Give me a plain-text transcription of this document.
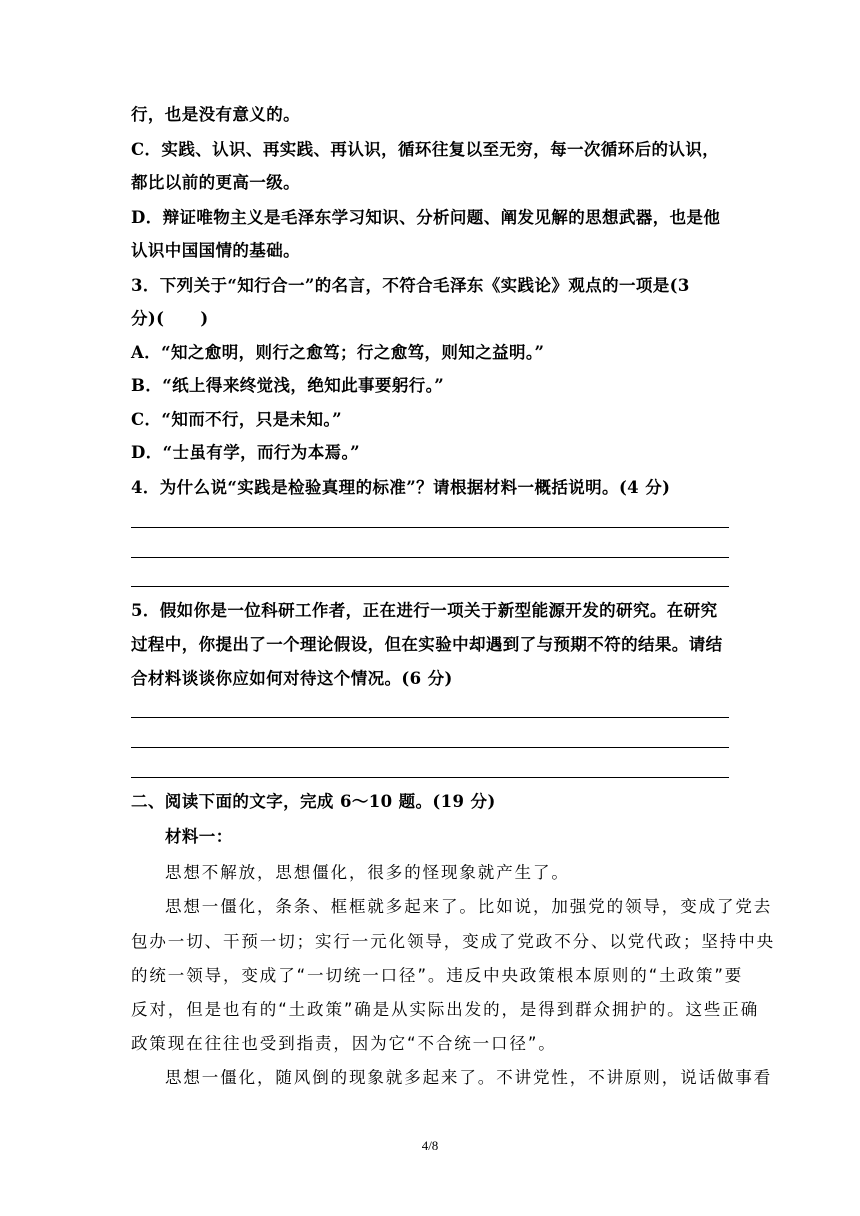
行，也是没有意义的。
C．实践、认识、再实践、再认识，循环往复以至无穷，每一次循环后的认识，
都比以前的更高一级。
D．辩证唯物主义是毛泽东学习知识、分析问题、阐发见解的思想武器，也是他
认识中国国情的基础。
3．下列关于“知行合一”的名言，不符合毛泽东《实践论》观点的一项是(3
分)( )
A．“知之愈明，则行之愈笃；行之愈笃，则知之益明。”
B．“纸上得来终觉浅，绝知此事要躬行。”
C．“知而不行，只是未知。”
D．“士虽有学，而行为本焉。”
4．为什么说“实践是检验真理的标准”？请根据材料一概括说明。(4 分)
5．假如你是一位科研工作者，正在进行一项关于新型能源开发的研究。在研究
过程中，你提出了一个理论假设，但在实验中却遇到了与预期不符的结果。请结
合材料谈谈你应如何对待这个情况。(6 分)
二、阅读下面的文字，完成 6～10 题。(19 分)
材料一：
思想不解放，思想僵化，很多的怪现象就产生了。
思想一僵化，条条、框框就多起来了。比如说，加强党的领导，变成了党去
包办一切、干预一切；实行一元化领导，变成了党政不分、以党代政；坚持中央
的统一领导，变成了“一切统一口径”。违反中央政策根本原则的“土政策”要
反对，但是也有的“土政策”确是从实际出发的，是得到群众拥护的。这些正确
政策现在往往也受到指责，因为它“不合统一口径”。
思想一僵化，随风倒的现象就多起来了。不讲党性，不讲原则，说话做事看
4/8
